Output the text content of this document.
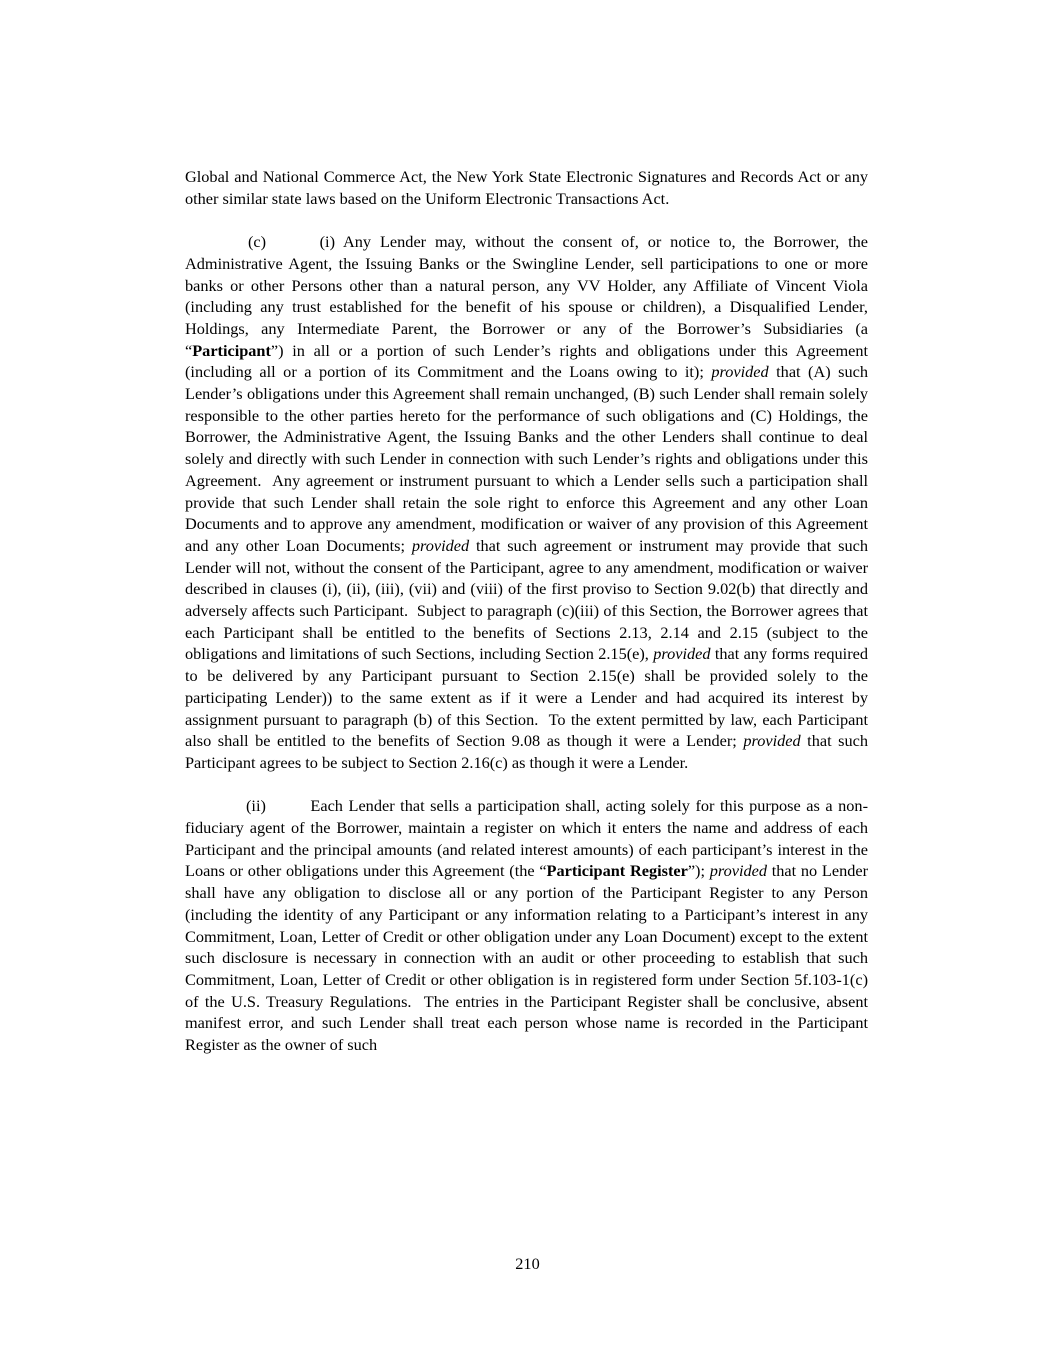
Global and National Commerce Act, the New York State Electronic Signatures and Records Act or any other similar state laws based on the Uniform Electronic Transactions Act.

(c)      (i) Any Lender may, without the consent of, or notice to, the Borrower, the Administrative Agent, the Issuing Banks or the Swingline Lender, sell participations to one or more banks or other Persons other than a natural person, any VV Holder, any Affiliate of Vincent Viola (including any trust established for the benefit of his spouse or children), a Disqualified Lender, Holdings, any Intermediate Parent, the Borrower or any of the Borrower’s Subsidiaries (a “Participant”) in all or a portion of such Lender’s rights and obligations under this Agreement (including all or a portion of its Commitment and the Loans owing to it); provided that (A) such Lender’s obligations under this Agreement shall remain unchanged, (B) such Lender shall remain solely responsible to the other parties hereto for the performance of such obligations and (C) Holdings, the Borrower, the Administrative Agent, the Issuing Banks and the other Lenders shall continue to deal solely and directly with such Lender in connection with such Lender’s rights and obligations under this Agreement.  Any agreement or instrument pursuant to which a Lender sells such a participation shall provide that such Lender shall retain the sole right to enforce this Agreement and any other Loan Documents and to approve any amendment, modification or waiver of any provision of this Agreement and any other Loan Documents; provided that such agreement or instrument may provide that such Lender will not, without the consent of the Participant, agree to any amendment, modification or waiver described in clauses (i), (ii), (iii), (vii) and (viii) of the first proviso to Section 9.02(b) that directly and adversely affects such Participant.  Subject to paragraph (c)(iii) of this Section, the Borrower agrees that each Participant shall be entitled to the benefits of Sections 2.13, 2.14 and 2.15 (subject to the obligations and limitations of such Sections, including Section 2.15(e), provided that any forms required to be delivered by any Participant pursuant to Section 2.15(e) shall be provided solely to the participating Lender)) to the same extent as if it were a Lender and had acquired its interest by assignment pursuant to paragraph (b) of this Section.  To the extent permitted by law, each Participant also shall be entitled to the benefits of Section 9.08 as though it were a Lender; provided that such Participant agrees to be subject to Section 2.16(c) as though it were a Lender.

(ii)        Each Lender that sells a participation shall, acting solely for this purpose as a non-fiduciary agent of the Borrower, maintain a register on which it enters the name and address of each Participant and the principal amounts (and related interest amounts) of each participant’s interest in the Loans or other obligations under this Agreement (the “Participant Register”); provided that no Lender shall have any obligation to disclose all or any portion of the Participant Register to any Person (including the identity of any Participant or any information relating to a Participant’s interest in any Commitment, Loan, Letter of Credit or other obligation under any Loan Document) except to the extent such disclosure is necessary in connection with an audit or other proceeding to establish that such Commitment, Loan, Letter of Credit or other obligation is in registered form under Section 5f.103-1(c) of the U.S. Treasury Regulations.  The entries in the Participant Register shall be conclusive, absent manifest error, and such Lender shall treat each person whose name is recorded in the Participant Register as the owner of such

210
